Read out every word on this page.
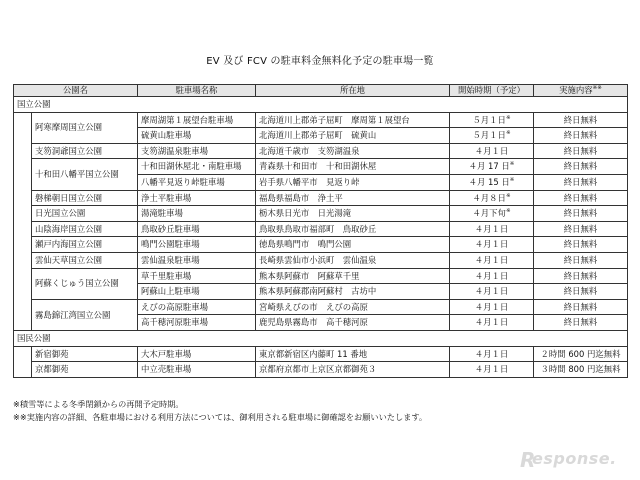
EV 及び FCV の駐車料金無料化予定の駐車場一覧
公園名		駐車場名称	所在地	開始時期（予定）	実施内容※※
国立公園					
	阿寒摩周国立公園	摩周湖第１展望台駐車場	北海道川上郡弟子屈町　摩周第１展望台	５月１日※	終日無料
		硫黄山駐車場	北海道川上郡弟子屈町　硫黄山	５月１日※	終日無料
	支笏洞爺国立公園	支笏湖温泉駐車場	北海道千歳市　支笏湖温泉	４月１日	終日無料
	十和田八幡平国立公園	十和田湖休屋北・南駐車場	青森県十和田市　十和田湖休屋	４月 17 日※	終日無料
		八幡平見返り峠駐車場	岩手県八幡平市　見返り峠	４月 15 日※	終日無料
	磐梯朝日国立公園	浄土平駐車場	福島県福島市　浄土平	４月８日※	終日無料
	日光国立公園	湯滝駐車場	栃木県日光市　日光湯滝	４月下旬※	終日無料
	山陰海岸国立公園	鳥取砂丘駐車場	鳥取県鳥取市福部町　鳥取砂丘	４月１日	終日無料
	瀬戸内海国立公園	鳴門公園駐車場	徳島県鳴門市　鳴門公園	４月１日	終日無料
	雲仙天草国立公園	雲仙温泉駐車場	長崎県雲仙市小浜町　雲仙温泉	４月１日	終日無料
	阿蘇くじゅう国立公園	草千里駐車場	熊本県阿蘇市　阿蘇草千里	４月１日	終日無料
		阿蘇山上駐車場	熊本県阿蘇郡南阿蘇村　古坊中	４月１日	終日無料
	霧島錦江湾国立公園	えびの高原駐車場	宮崎県えびの市　えびの高原	４月１日	終日無料
		高千穂河原駐車場	鹿児島県霧島市　高千穂河原	４月１日	終日無料
国民公園					
	新宿御苑	大木戸駐車場	東京都新宿区内藤町 11 番地	４月１日	２時間 600 円迄無料
	京都御苑	中立売駐車場	京都府京都市上京区京都御苑３	４月１日	３時間 800 円迄無料
※積雪等による冬季閉鎖からの再開予定時期。
※※実施内容の詳細、各駐車場における利用方法については、御利用される駐車場に御確認をお願いいたします。
R
esponse.
